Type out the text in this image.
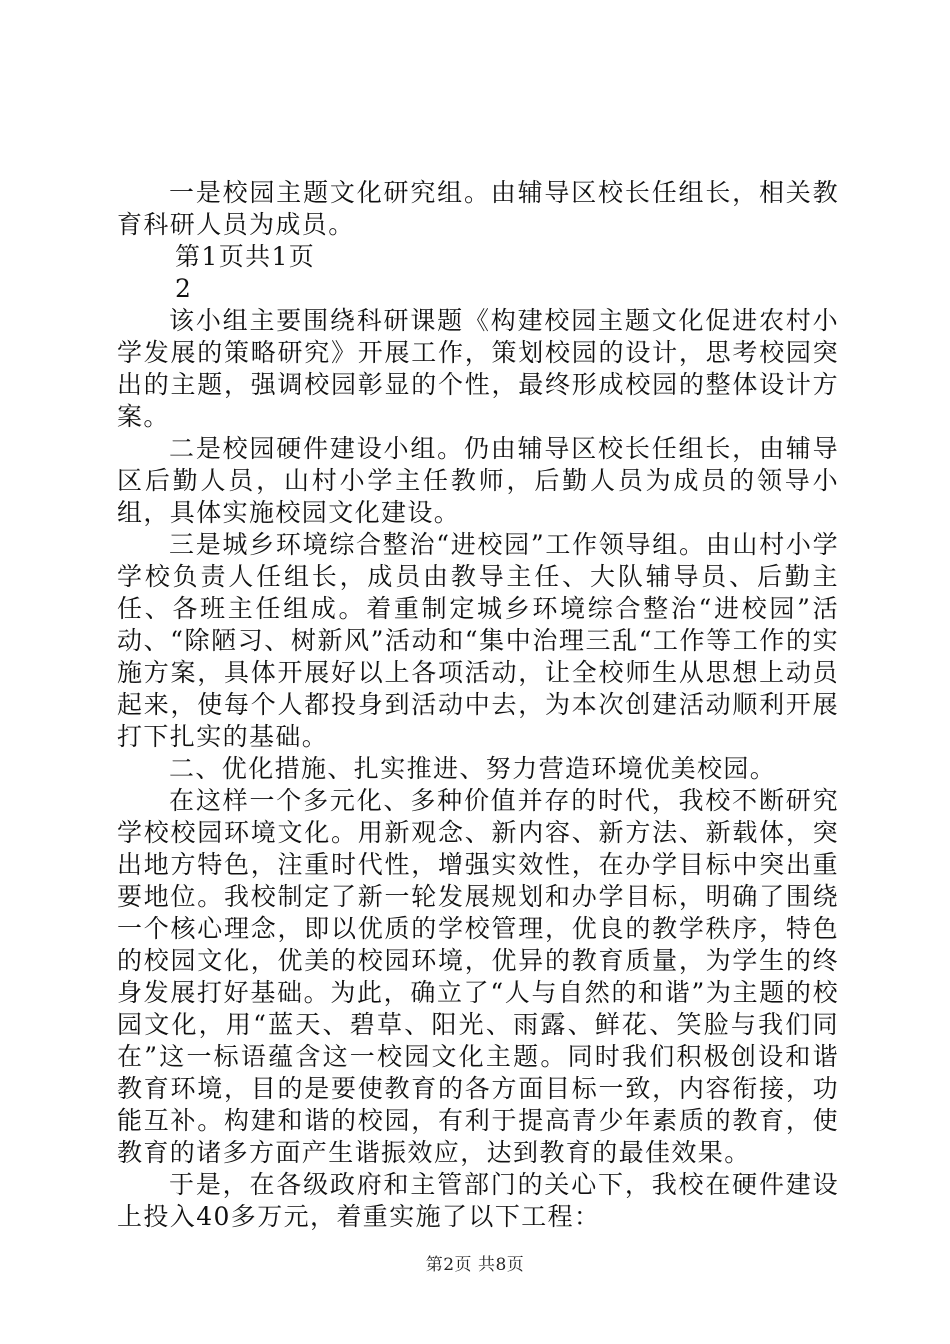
一是校园主题文化研究组。由辅导区校长任组长，相关教育科研人员为成员。

第1页共1页

2

该小组主要围绕科研课题《构建校园主题文化促进农村小学发展的策略研究》开展工作，策划校园的设计，思考校园突出的主题，强调校园彰显的个性，最终形成校园的整体设计方案。

二是校园硬件建设小组。仍由辅导区校长任组长，由辅导区后勤人员，山村小学主任教师，后勤人员为成员的领导小组，具体实施校园文化建设。

三是城乡环境综合整治“进校园”工作领导组。由山村小学学校负责人任组长，成员由教导主任、大队辅导员、后勤主任、各班主任组成。着重制定城乡环境综合整治“进校园”活动、“除陋习、树新风”活动和“集中治理三乱“工作等工作的实施方案，具体开展好以上各项活动，让全校师生从思想上动员起来，使每个人都投身到活动中去，为本次创建活动顺利开展打下扎实的基础。

二、优化措施、扎实推进、努力营造环境优美校园。

在这样一个多元化、多种价值并存的时代，我校不断研究学校校园环境文化。用新观念、新内容、新方法、新载体，突出地方特色，注重时代性，增强实效性，在办学目标中突出重要地位。我校制定了新一轮发展规划和办学目标，明确了围绕一个核心理念，即以优质的学校管理，优良的教学秩序，特色的校园文化，优美的校园环境，优异的教育质量，为学生的终身发展打好基础。为此，确立了“人与自然的和谐”为主题的校园文化，用“蓝天、碧草、阳光、雨露、鲜花、笑脸与我们同在”这一标语蕴含这一校园文化主题。同时我们积极创设和谐教育环境，目的是要使教育的各方面目标一致，内容衔接，功能互补。构建和谐的校园，有利于提高青少年素质的教育，使教育的诸多方面产生谐振效应，达到教育的最佳效果。

于是，在各级政府和主管部门的关心下，我校在硬件建设上投入40多万元，着重实施了以下工程：

第2页 共8页
